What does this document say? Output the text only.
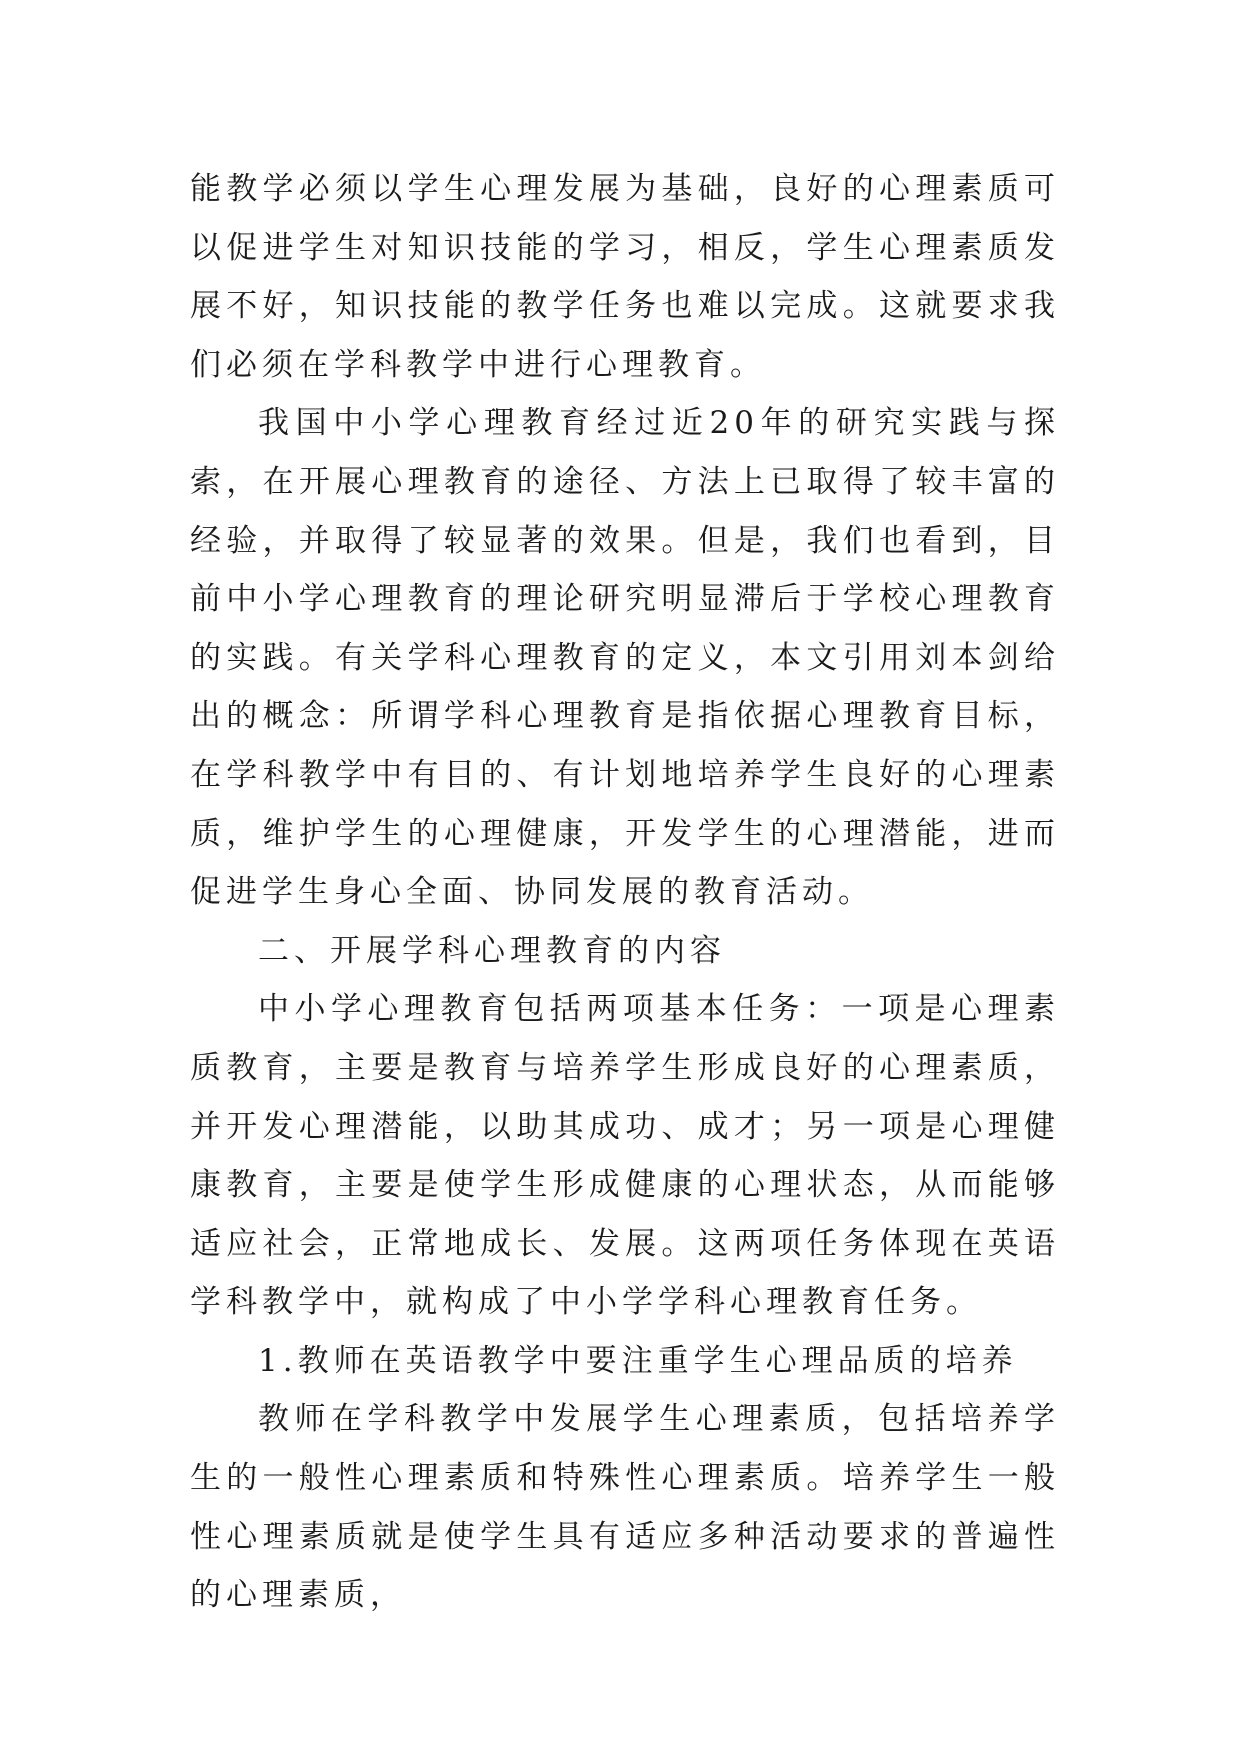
能教学必须以学生心理发展为基础，良好的心理素质可以促进学生对知识技能的学习，相反，学生心理素质发展不好，知识技能的教学任务也难以完成。这就要求我们必须在学科教学中进行心理教育。

我国中小学心理教育经过近20年的研究实践与探索，在开展心理教育的途径、方法上已取得了较丰富的经验，并取得了较显著的效果。但是，我们也看到，目前中小学心理教育的理论研究明显滞后于学校心理教育的实践。有关学科心理教育的定义，本文引用刘本剑给出的概念：所谓学科心理教育是指依据心理教育目标，在学科教学中有目的、有计划地培养学生良好的心理素质，维护学生的心理健康，开发学生的心理潜能，进而促进学生身心全面、协同发展的教育活动。

二、开展学科心理教育的内容

中小学心理教育包括两项基本任务：一项是心理素质教育，主要是教育与培养学生形成良好的心理素质，并开发心理潜能，以助其成功、成才；另一项是心理健康教育，主要是使学生形成健康的心理状态，从而能够适应社会，正常地成长、发展。这两项任务体现在英语学科教学中，就构成了中小学学科心理教育任务。

1.教师在英语教学中要注重学生心理品质的培养

教师在学科教学中发展学生心理素质，包括培养学生的一般性心理素质和特殊性心理素质。培养学生一般性心理素质就是使学生具有适应多种活动要求的普遍性的心理素质，
